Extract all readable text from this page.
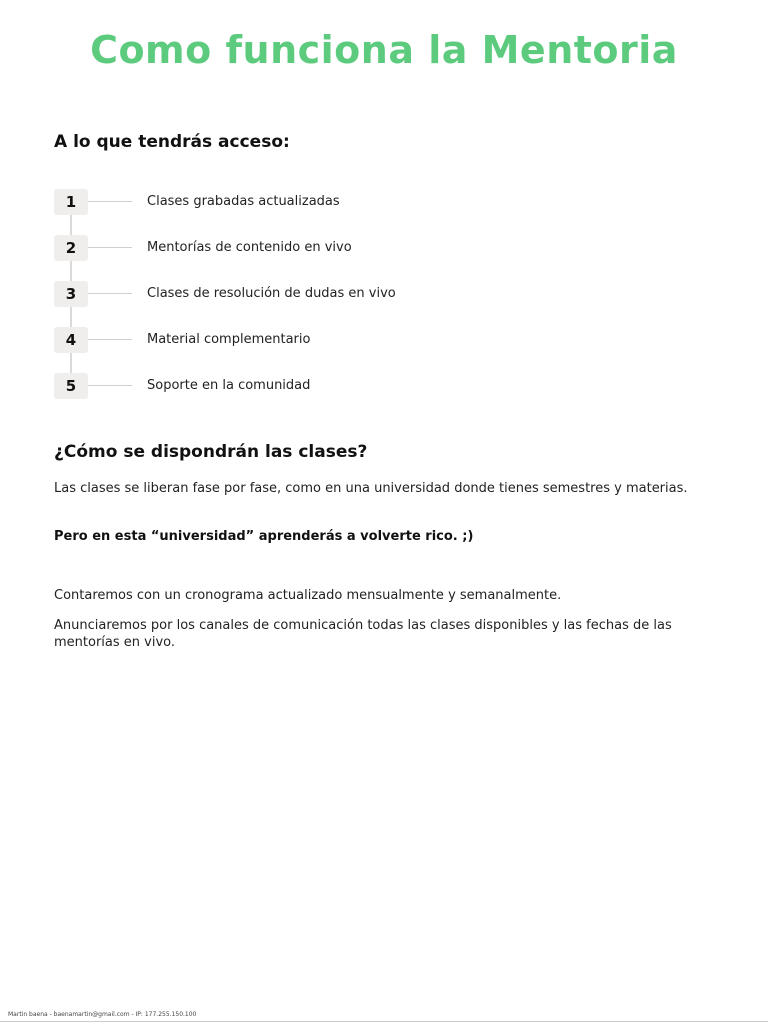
Como funciona la Mentoria
A lo que tendrás acceso:
1	Clases grabadas actualizadas
2	Mentorías de contenido en vivo
3	Clases de resolución de dudas en vivo
4	Material complementario
5	Soporte en la comunidad
¿Cómo se dispondrán las clases?

Las clases se liberan fase por fase, como en una universidad donde tienes semestres y materias.

Pero en esta “universidad” aprenderás a volverte rico. ;)

Contaremos con un cronograma actualizado mensualmente y semanalmente.

Anunciaremos por los canales de comunicación todas las clases disponibles y las fechas de las mentorías en vivo.

Martin baena - baenamartin@gmail.com - IP: 177.255.150.100
